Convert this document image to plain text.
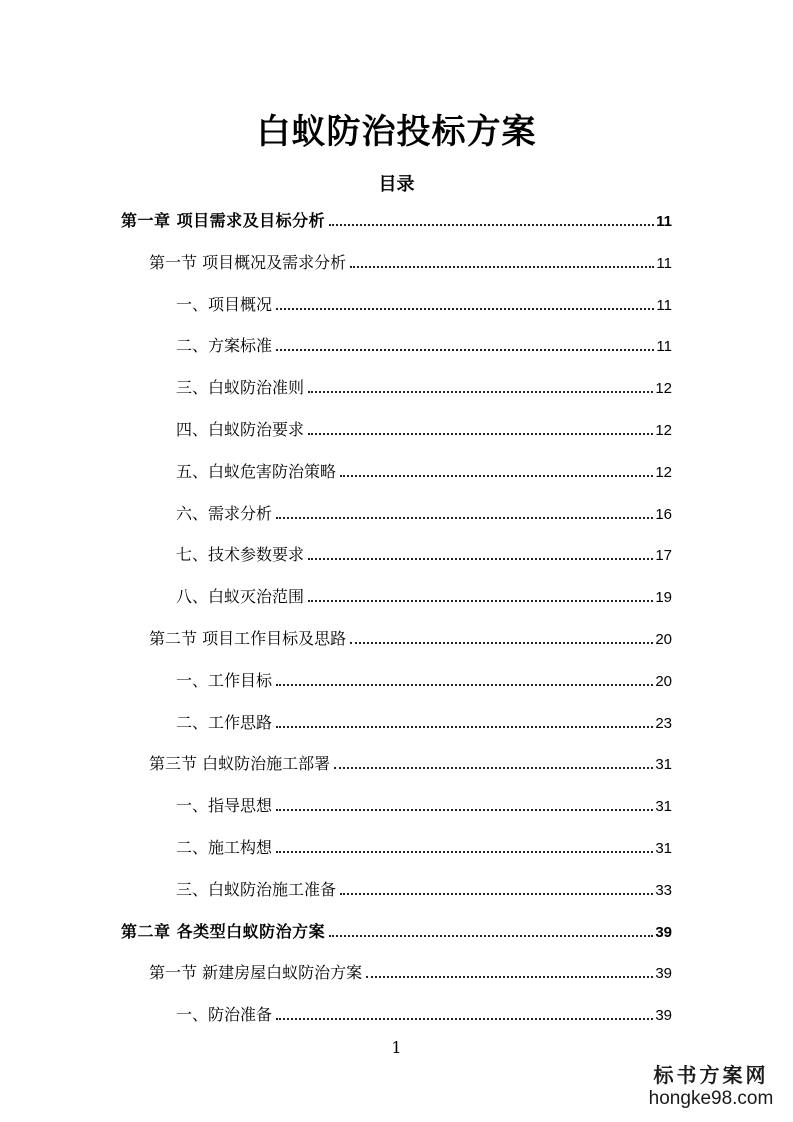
白蚁防治投标方案
目录
第一章 项目需求及目标分析	11
第一节 项目概况及需求分析	11
一、项目概况	11
二、方案标准	11
三、白蚁防治准则	12
四、白蚁防治要求	12
五、白蚁危害防治策略	12
六、需求分析	16
七、技术参数要求	17
八、白蚁灭治范围	19
第二节 项目工作目标及思路	20
一、工作目标	20
二、工作思路	23
第三节 白蚁防治施工部署	31
一、指导思想	31
二、施工构想	31
三、白蚁防治施工准备	33
第二章 各类型白蚁防治方案	39
第一节 新建房屋白蚁防治方案	39
一、防治准备	39
1
标书方案网
hongke98.com
